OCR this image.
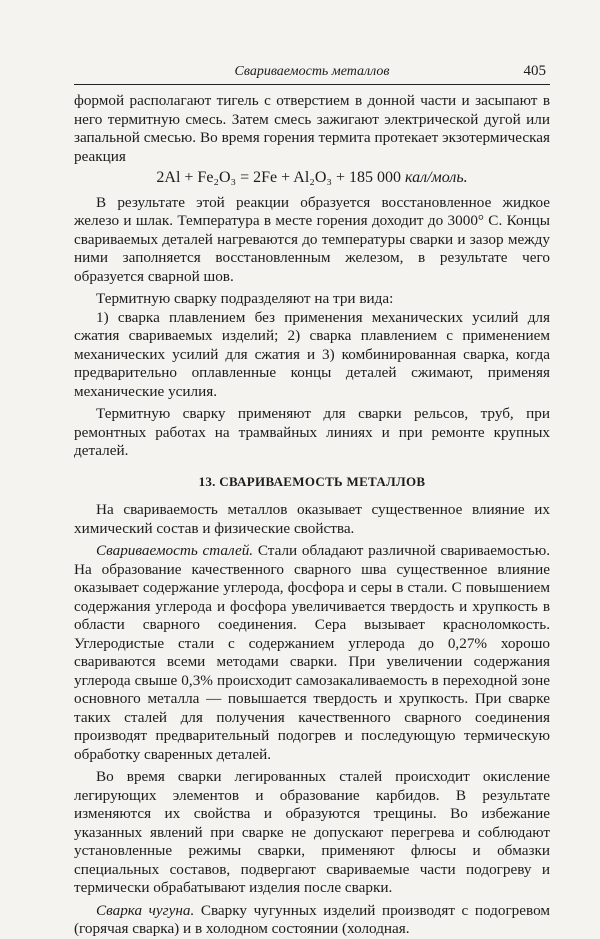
Свариваемость металлов	405

формой располагают тигель с отверстием в донной части и засыпают в него термитную смесь. Затем смесь зажигают электрической дугой или запальной смесью. Во время горения термита протекает экзотермическая реакция

2Al + Fe₂O₃ = 2Fe + Al₂O₃ + 185 000 кал/моль.

В результате этой реакции образуется восстановленное жидкое железо и шлак. Температура в месте горения доходит до 3000° С. Концы свариваемых деталей нагреваются до температуры сварки и зазор между ними заполняется восстановленным железом, в результате чего образуется сварной шов.

Термитную сварку подразделяют на три вида:

1) сварка плавлением без применения механических усилий для сжатия свариваемых изделий; 2) сварка плавлением с применением механических усилий для сжатия и 3) комбинированная сварка, когда предварительно оплавленные концы деталей сжимают, применяя механические усилия.

Термитную сварку применяют для сварки рельсов, труб, при ремонтных работах на трамвайных линиях и при ремонте крупных деталей.

13. СВАРИВАЕМОСТЬ МЕТАЛЛОВ

На свариваемость металлов оказывает существенное влияние их химический состав и физические свойства.

Свариваемость сталей. Стали обладают различной свариваемостью. На образование качественного сварного шва существенное влияние оказывает содержание углерода, фосфора и серы в стали. С повышением содержания углерода и фосфора увеличивается твердость и хрупкость в области сварного соединения. Сера вызывает красноломкость. Углеродистые стали с содержанием углерода до 0,27% хорошо свариваются всеми методами сварки. При увеличении содержания углерода свыше 0,3% происходит самозакаливаемость в переходной зоне основного металла — повышается твердость и хрупкость. При сварке таких сталей для получения качественного сварного соединения производят предварительный подогрев и последующую термическую обработку сваренных деталей.

Во время сварки легированных сталей происходит окисление легирующих элементов и образование карбидов. В результате изменяются их свойства и образуются трещины. Во избежание указанных явлений при сварке не допускают перегрева и соблюдают установленные режимы сварки, применяют флюсы и обмазки специальных составов, подвергают свариваемые части подогреву и термически обрабатывают изделия после сварки.

Сварка чугуна. Сварку чугунных изделий производят с подогревом (горячая сварка) и в холодном состоянии (холодная.
